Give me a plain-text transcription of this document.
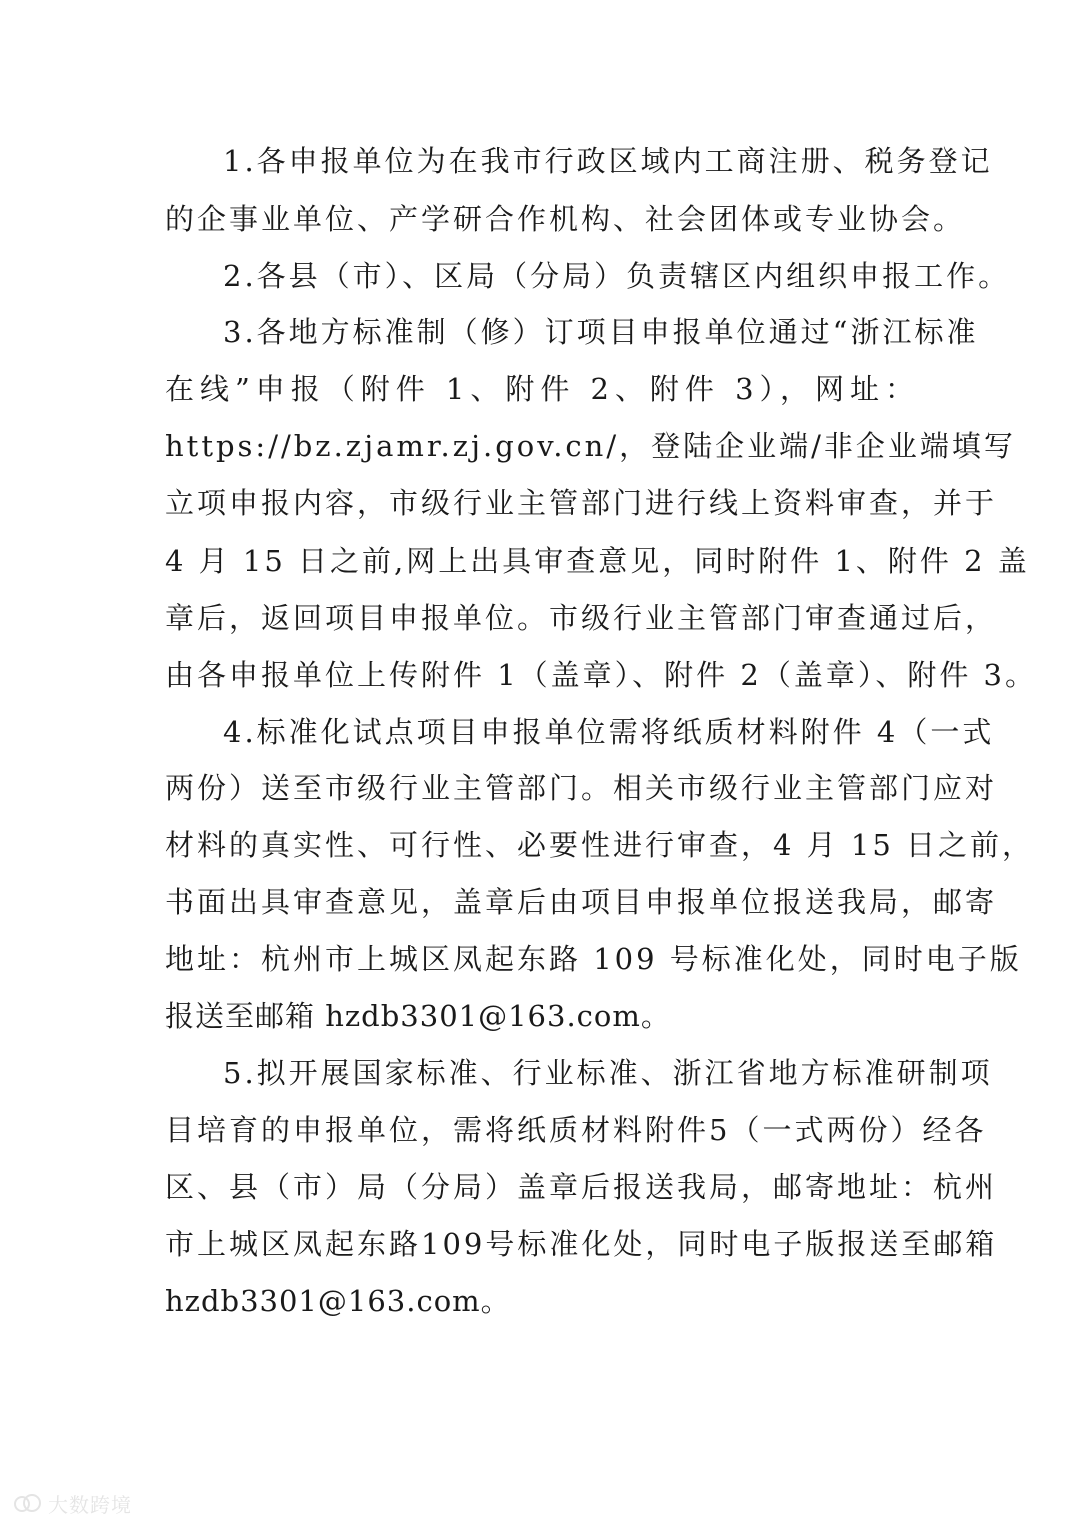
1.各申报单位为在我市行政区域内工商注册、税务登记
的企事业单位、产学研合作机构、社会团体或专业协会。
2.各县（市）、区局（分局）负责辖区内组织申报工作。
3.各地方标准制（修）订项目申报单位通过“浙江标准
在线”申报（附件 1、附件 2、附件 3），网址：
https://bz.zjamr.zj.gov.cn/，登陆企业端/非企业端填写
立项申报内容，市级行业主管部门进行线上资料审查，并于
4 月 15 日之前,网上出具审查意见，同时附件 1、附件 2 盖
章后，返回项目申报单位。市级行业主管部门审查通过后，
由各申报单位上传附件 1（盖章）、附件 2（盖章）、附件 3。
4.标准化试点项目申报单位需将纸质材料附件 4（一式
两份）送至市级行业主管部门。相关市级行业主管部门应对
材料的真实性、可行性、必要性进行审查，4 月 15 日之前，
书面出具审查意见，盖章后由项目申报单位报送我局，邮寄
地址：杭州市上城区凤起东路 109 号标准化处，同时电子版
报送至邮箱 hzdb3301@163.com。
5.拟开展国家标准、行业标准、浙江省地方标准研制项
目培育的申报单位，需将纸质材料附件5（一式两份）经各
区、县（市）局（分局）盖章后报送我局，邮寄地址：杭州
市上城区凤起东路109号标准化处，同时电子版报送至邮箱
hzdb3301@163.com。
大数跨境
